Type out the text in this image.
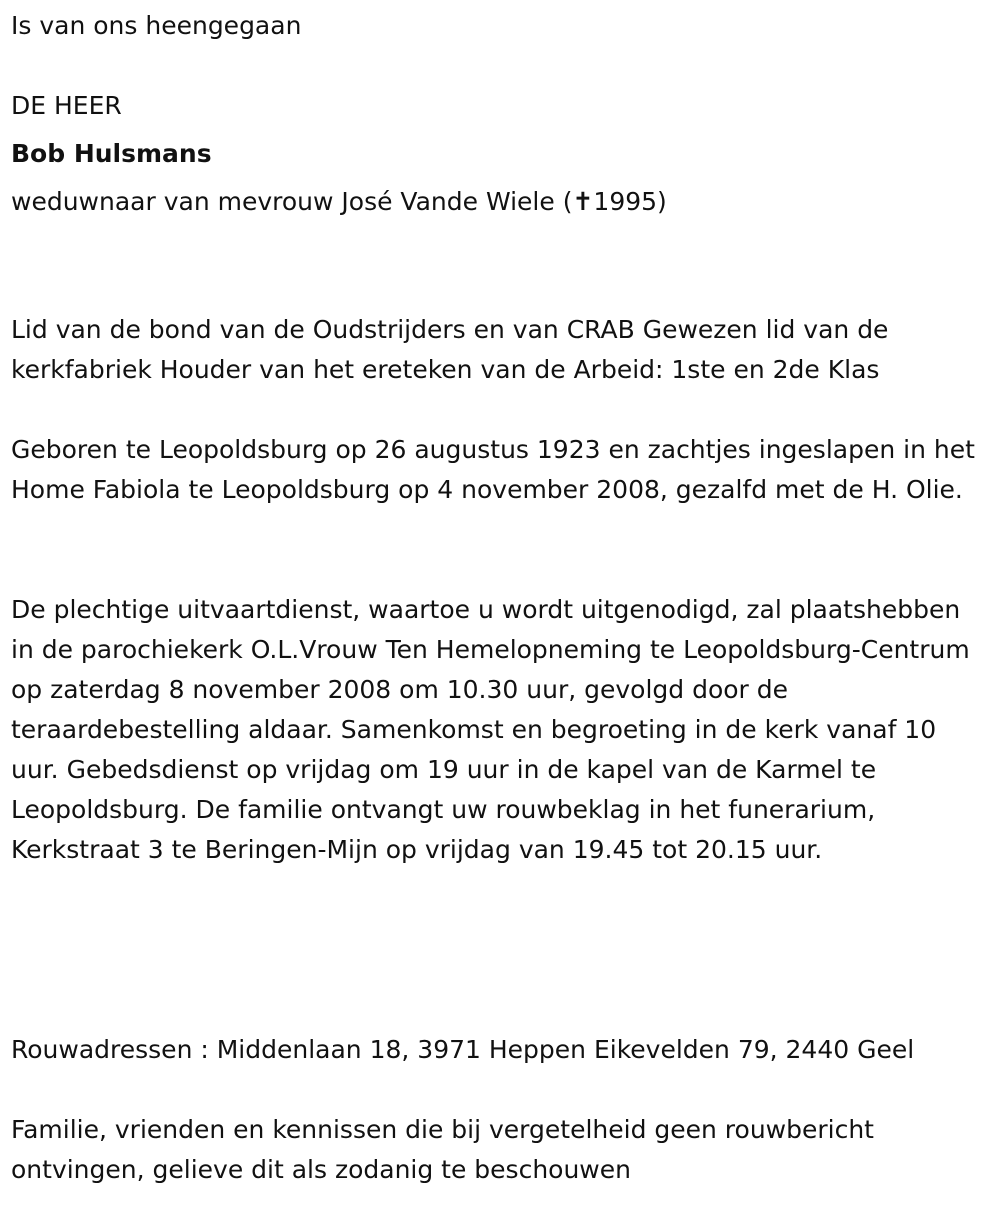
Is van ons heengegaan
DE HEER
Bob Hulsmans
weduwnaar van mevrouw José Vande Wiele (✝1995)
Lid van de bond van de Oudstrijders en van CRAB Gewezen lid van de kerkfabriek Houder van het ereteken van de Arbeid: 1ste en 2de Klas
Geboren te Leopoldsburg op 26 augustus 1923 en zachtjes ingeslapen in het Home Fabiola te Leopoldsburg op 4 november 2008, gezalfd met de H. Olie.
De plechtige uitvaartdienst, waartoe u wordt uitgenodigd, zal plaatshebben in de parochiekerk O.L.Vrouw Ten Hemelopneming te Leopoldsburg-Centrum op zaterdag 8 november 2008 om 10.30 uur, gevolgd door de teraardebestelling aldaar. Samenkomst en begroeting in de kerk vanaf 10 uur. Gebedsdienst op vrijdag om 19 uur in de kapel van de Karmel te Leopoldsburg. De familie ontvangt uw rouwbeklag in het funerarium, Kerkstraat 3 te Beringen-Mijn op vrijdag van 19.45 tot 20.15 uur.
Rouwadressen : Middenlaan 18, 3971 Heppen Eikevelden 79, 2440 Geel
Familie, vrienden en kennissen die bij vergetelheid geen rouwbericht ontvingen, gelieve dit als zodanig te beschouwen
